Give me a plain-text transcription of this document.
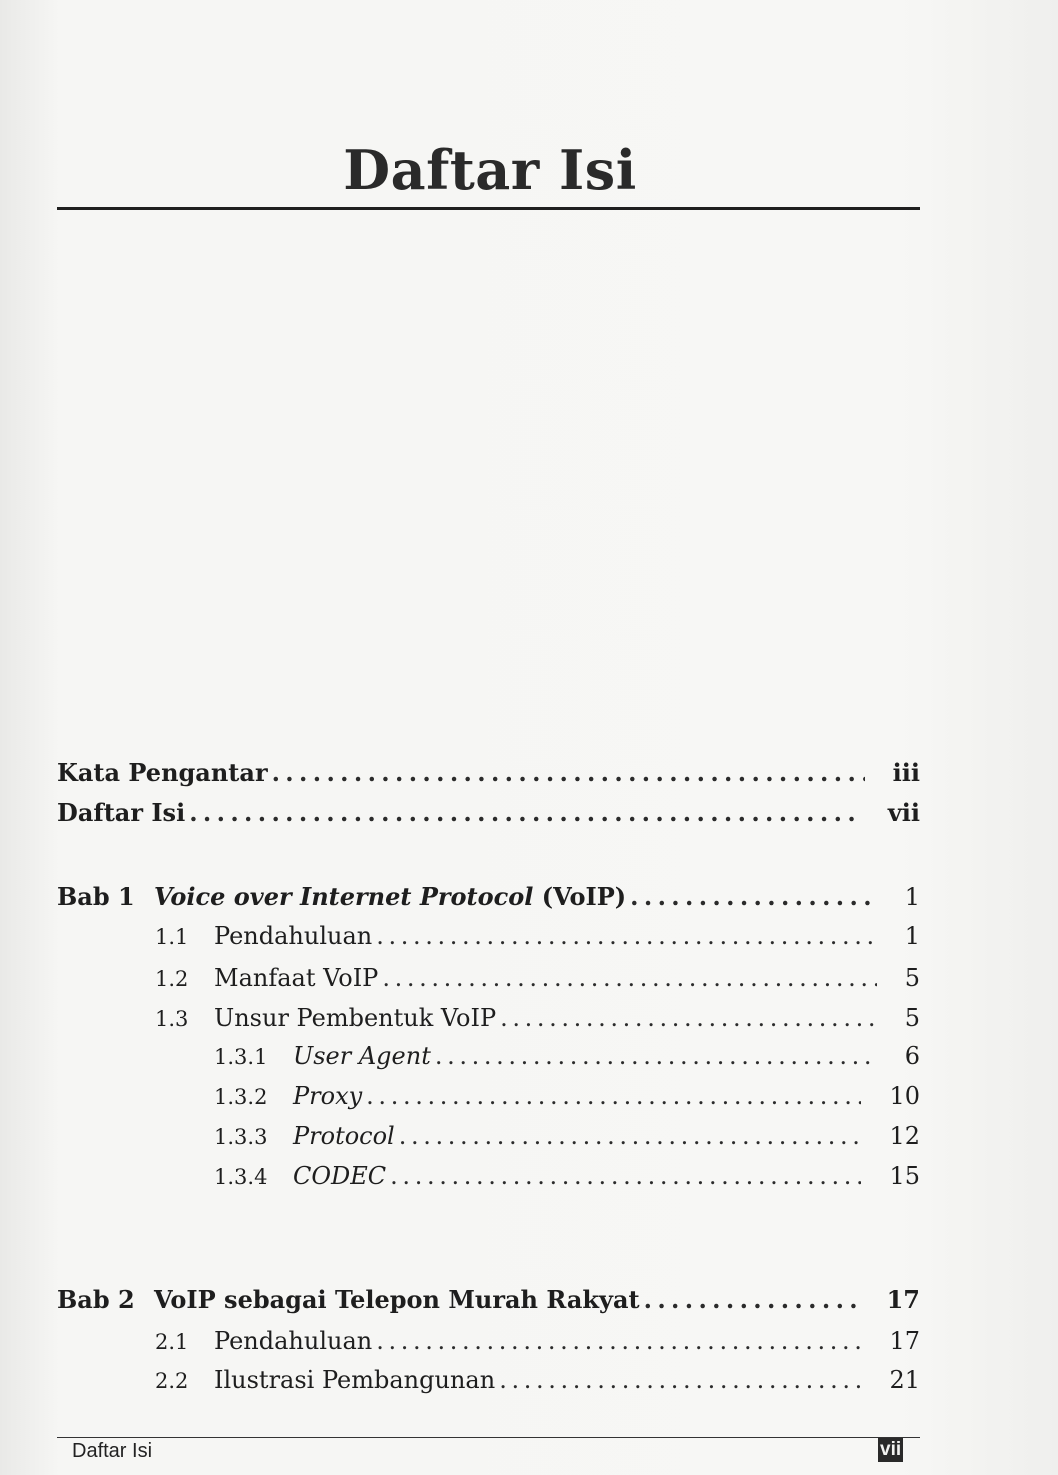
Daftar Isi
Kata Pengantar . . .	iii
Daftar Isi . . .	vii
Bab 1 Voice over Internet Protocol (VoIP) . . .	1
1.1	Pendahuluan . . .	1
1.2	Manfaat VoIP . . .	5
1.3	Unsur Pembentuk VoIP . . .	5
1.3.1	User Agent . . .	6
1.3.2	Proxy . . .	10
1.3.3	Protocol . . .	12
1.3.4	CODEC . . .	15
Bab 2 VoIP sebagai Telepon Murah Rakyat . . .	17
2.1	Pendahuluan . . .	17
2.2	Ilustrasi Pembangunan . . .	21
Daftar Isi	vii
